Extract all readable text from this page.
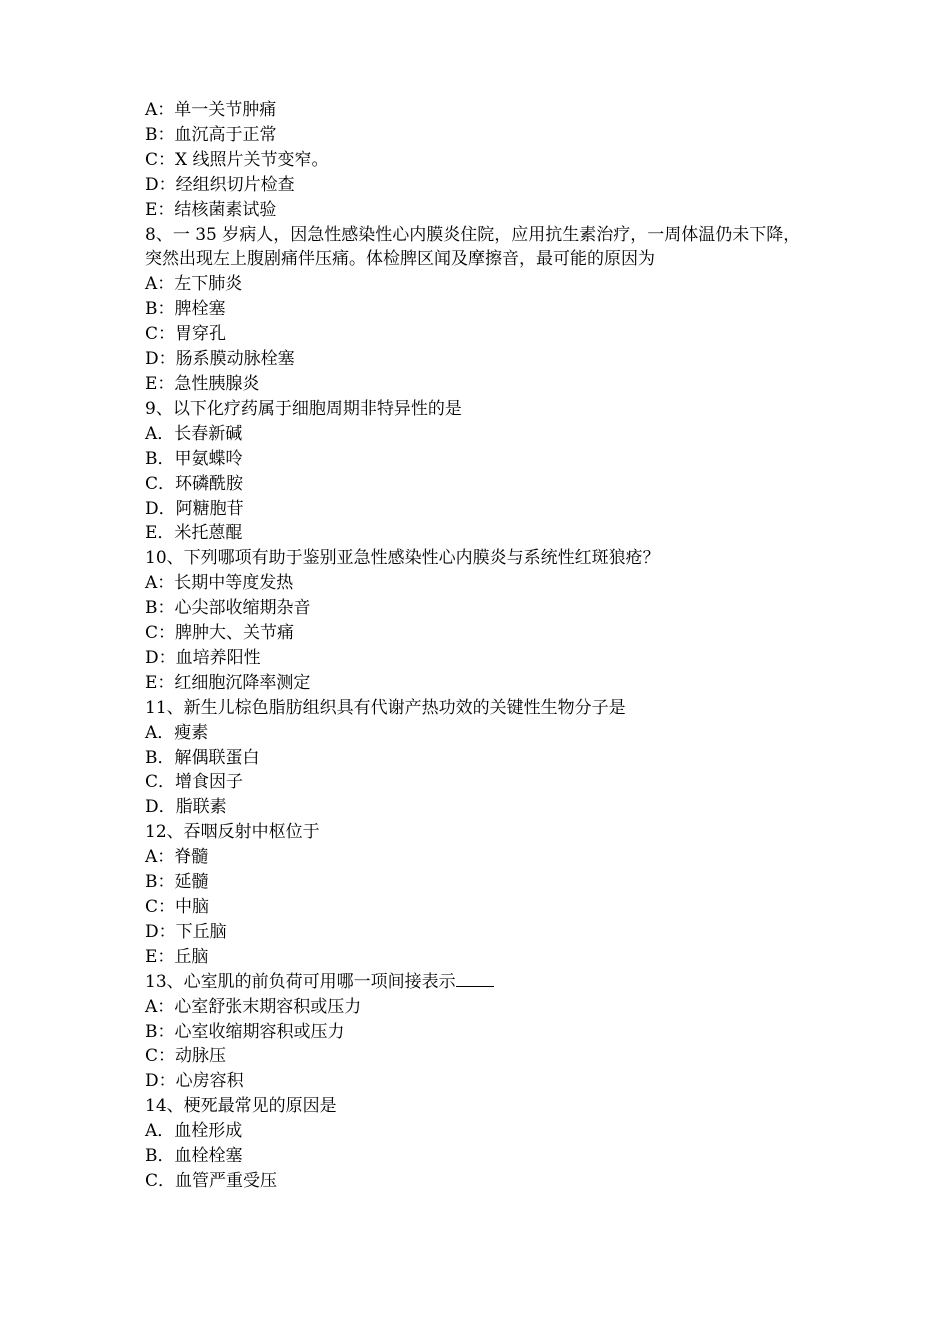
A：单一关节肿痛
B：血沉高于正常
C：X 线照片关节变窄。
D：经组织切片检查
E：结核菌素试验
8、一 35 岁病人，因急性感染性心内膜炎住院，应用抗生素治疗，一周体温仍未下降，突然出现左上腹剧痛伴压痛。体检脾区闻及摩擦音，最可能的原因为
A：左下肺炎
B：脾栓塞
C：胃穿孔
D：肠系膜动脉栓塞
E：急性胰腺炎
9、以下化疗药属于细胞周期非特异性的是
A．长春新碱
B．甲氨蝶呤
C．环磷酰胺
D．阿糖胞苷
E．米托蒽醌
10、下列哪项有助于鉴别亚急性感染性心内膜炎与系统性红斑狼疮？
A：长期中等度发热
B：心尖部收缩期杂音
C：脾肿大、关节痛
D：血培养阳性
E：红细胞沉降率测定
11、新生儿棕色脂肪组织具有代谢产热功效的关键性生物分子是
A．瘦素
B．解偶联蛋白
C．增食因子
D．脂联素
12、吞咽反射中枢位于
A：脊髓
B：延髓
C：中脑
D：下丘脑
E：丘脑
13、心室肌的前负荷可用哪一项间接表示
A：心室舒张末期容积或压力
B：心室收缩期容积或压力
C：动脉压
D：心房容积
14、梗死最常见的原因是
A．血栓形成
B．血栓栓塞
C．血管严重受压
